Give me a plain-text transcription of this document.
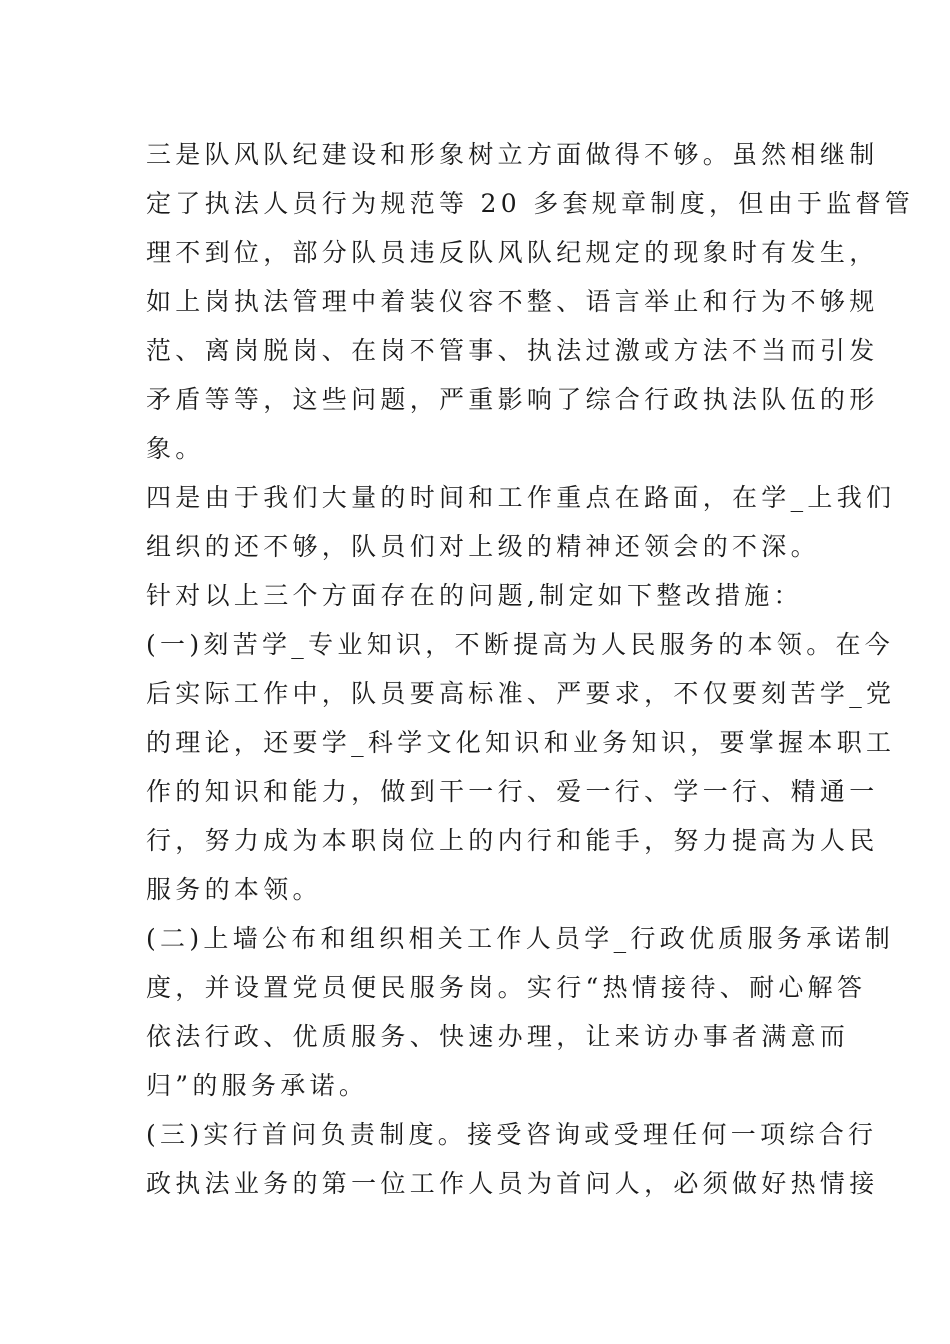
三是队风队纪建设和形象树立方面做得不够。虽然相继制
定了执法人员行为规范等 20 多套规章制度，但由于监督管
理不到位，部分队员违反队风队纪规定的现象时有发生，
如上岗执法管理中着装仪容不整、语言举止和行为不够规
范、离岗脱岗、在岗不管事、执法过激或方法不当而引发
矛盾等等，这些问题，严重影响了综合行政执法队伍的形
象。

四是由于我们大量的时间和工作重点在路面，在学_上我们
组织的还不够，队员们对上级的精神还领会的不深。

针对以上三个方面存在的问题,制定如下整改措施：

(一)刻苦学_专业知识，不断提高为人民服务的本领。在今
后实际工作中，队员要高标准、严要求，不仅要刻苦学_党
的理论，还要学_科学文化知识和业务知识，要掌握本职工
作的知识和能力，做到干一行、爱一行、学一行、精通一
行，努力成为本职岗位上的内行和能手，努力提高为人民
服务的本领。

(二)上墙公布和组织相关工作人员学_行政优质服务承诺制
度，并设置党员便民服务岗。实行“热情接待、耐心解答
依法行政、优质服务、快速办理，让来访办事者满意而
归”的服务承诺。

(三)实行首问负责制度。接受咨询或受理任何一项综合行
政执法业务的第一位工作人员为首问人，必须做好热情接
